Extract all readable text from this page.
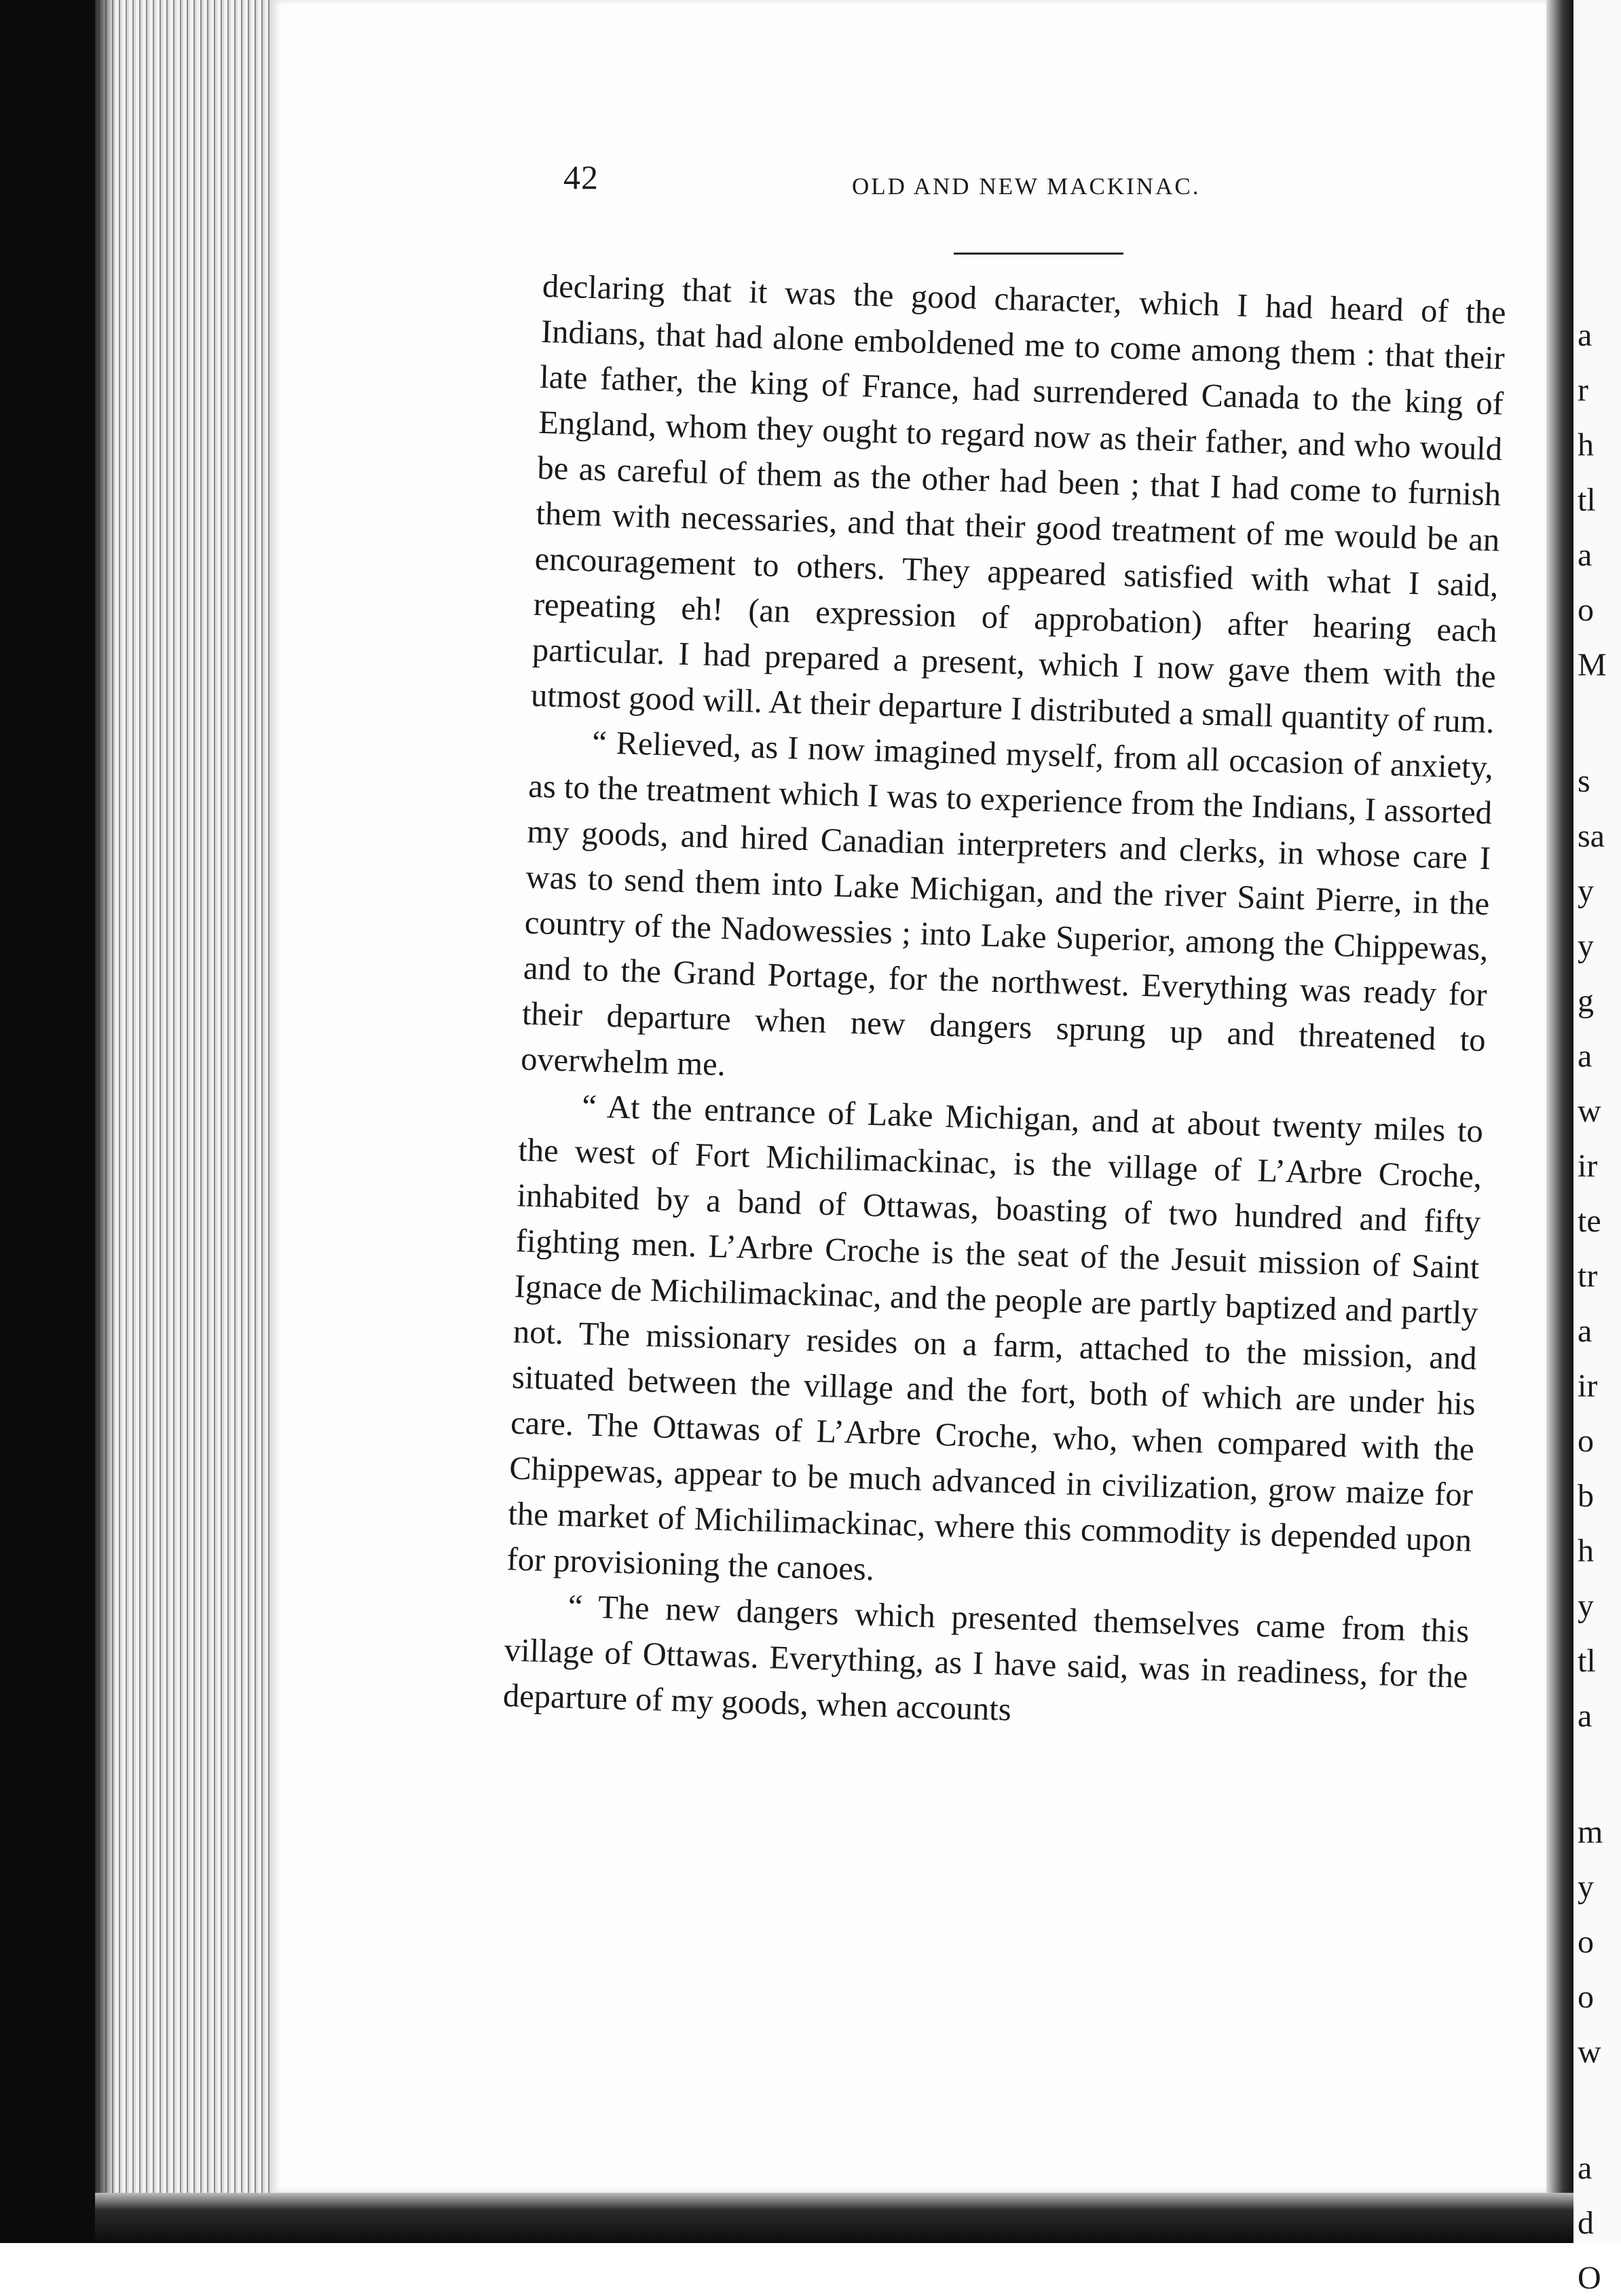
42	OLD AND NEW MACKINAC.

declaring that it was the good character, which I had heard of the Indians, that had alone emboldened me to come among them : that their late father, the king of France, had surrendered Canada to the king of England, whom they ought to regard now as their father, and who would be as careful of them as the other had been ; that I had come to furnish them with necessaries, and that their good treatment of me would be an encouragement to others. They appeared satisfied with what I said, repeating eh! (an expression of approbation) after hearing each particular. I had prepared a present, which I now gave them with the utmost good will. At their departure I distributed a small quantity of rum.

“ Relieved, as I now imagined myself, from all occasion of anxiety, as to the treatment which I was to experience from the Indians, I assorted my goods, and hired Canadian interpreters and clerks, in whose care I was to send them into Lake Michigan, and the river Saint Pierre, in the country of the Nadowessies ; into Lake Superior, among the Chippewas, and to the Grand Portage, for the northwest. Everything was ready for their departure when new dangers sprung up and threatened to overwhelm me.

“ At the entrance of Lake Michigan, and at about twenty miles to the west of Fort Michilimackinac, is the village of L’Arbre Croche, inhabited by a band of Ottawas, boasting of two hundred and fifty fighting men. L’Arbre Croche is the seat of the Jesuit mission of Saint Ignace de Michilimackinac, and the people are partly baptized and partly not. The missionary resides on a farm, attached to the mission, and situated between the village and the fort, both of which are under his care. The Ottawas of L’Arbre Croche, who, when compared with the Chippewas, appear to be much advanced in civilization, grow maize for the market of Michilimackinac, where this commodity is depended upon for provisioning the canoes.

“ The new dangers which presented themselves came from this village of Ottawas. Everything, as I have said, was in readiness, for the departure of my goods, when accounts

a
r
h
tl
a
o
M
s
sa
y
y
g
a
w
ir
te
tr
a
ir
o
b
h
y
tl
a
m
y
o
o
w
a
d
O
